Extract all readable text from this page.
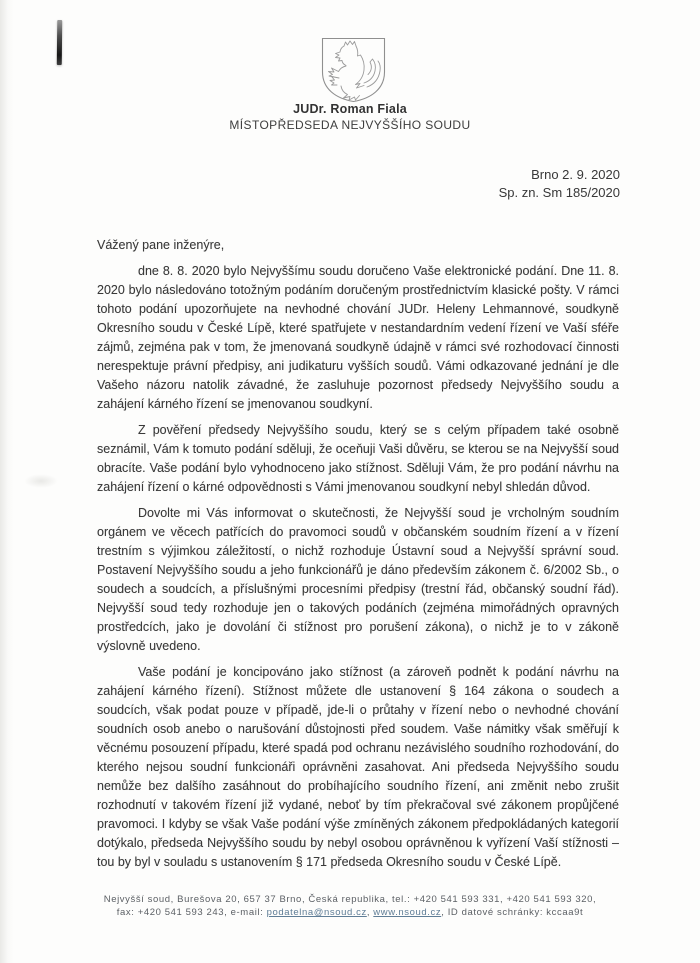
JUDr. Roman Fiala
MÍSTOPŘEDSEDA NEJVYŠŠÍHO SOUDU
Brno 2. 9. 2020
Sp. zn. Sm 185/2020

Vážený pane inženýre,

dne 8. 8. 2020 bylo Nejvyššímu soudu doručeno Vaše elektronické podání. Dne 11. 8. 2020 bylo následováno totožným podáním doručeným prostřednictvím klasické pošty. V rámci tohoto podání upozorňujete na nevhodné chování JUDr. Heleny Lehmannové, soudkyně Okresního soudu v České Lípě, které spatřujete v nestandardním vedení řízení ve Vaší sféře zájmů, zejména pak v tom, že jmenovaná soudkyně údajně v rámci své rozhodovací činnosti nerespektuje právní předpisy, ani judikaturu vyšších soudů. Vámi odkazované jednání je dle Vašeho názoru natolik závadné, že zasluhuje pozornost předsedy Nejvyššího soudu a zahájení kárného řízení se jmenovanou soudkyní.

Z pověření předsedy Nejvyššího soudu, který se s celým případem také osobně seznámil, Vám k tomuto podání sděluji, že oceňuji Vaši důvěru, se kterou se na Nejvyšší soud obracíte. Vaše podání bylo vyhodnoceno jako stížnost. Sděluji Vám, že pro podání návrhu na zahájení řízení o kárné odpovědnosti s Vámi jmenovanou soudkyní nebyl shledán důvod.

Dovolte mi Vás informovat o skutečnosti, že Nejvyšší soud je vrcholným soudním orgánem ve věcech patřících do pravomoci soudů v občanském soudním řízení a v řízení trestním s výjimkou záležitostí, o nichž rozhoduje Ústavní soud a Nejvyšší správní soud. Postavení Nejvyššího soudu a jeho funkcionářů je dáno především zákonem č. 6/2002 Sb., o soudech a soudcích, a příslušnými procesními předpisy (trestní řád, občanský soudní řád). Nejvyšší soud tedy rozhoduje jen o takových podáních (zejména mimořádných opravných prostředcích, jako je dovolání či stížnost pro porušení zákona), o nichž je to v zákoně výslovně uvedeno.

Vaše podání je koncipováno jako stížnost (a zároveň podnět k podání návrhu na zahájení kárného řízení). Stížnost můžete dle ustanovení § 164 zákona o soudech a soudcích, však podat pouze v případě, jde-li o průtahy v řízení nebo o nevhodné chování soudních osob anebo o narušování důstojnosti před soudem. Vaše námitky však směřují k věcnému posouzení případu, které spadá pod ochranu nezávislého soudního rozhodování, do kterého nejsou soudní funkcionáři oprávněni zasahovat. Ani předseda Nejvyššího soudu nemůže bez dalšího zasáhnout do probíhajícího soudního řízení, ani změnit nebo zrušit rozhodnutí v takovém řízení již vydané, neboť by tím překračoval své zákonem propůjčené pravomoci. I kdyby se však Vaše podání výše zmíněných zákonem předpokládaných kategorií dotýkalo, předseda Nejvyššího soudu by nebyl osobou oprávněnou k vyřízení Vaší stížnosti – tou by byl v souladu s ustanovením § 171 předseda Okresního soudu v České Lípě.

Nejvyšší soud, Burešova 20, 657 37 Brno, Česká republika, tel.: +420 541 593 331, +420 541 593 320,
fax: +420 541 593 243, e-mail: podatelna@nsoud.cz, www.nsoud.cz, ID datové schránky: kccaa9t
